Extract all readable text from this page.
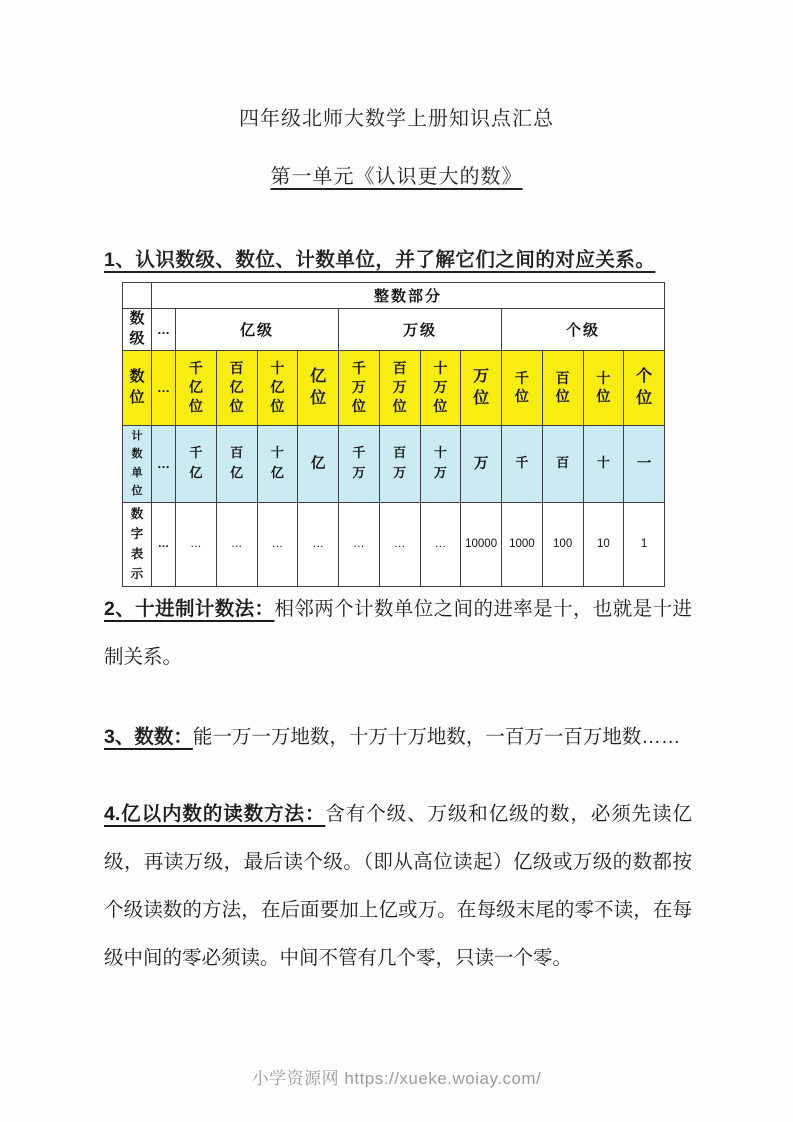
四年级北师大数学上册知识点汇总
第一单元《认识更大的数》
1、认识数级、数位、计数单位，并了解它们之间的对应关系。
	整数部分												
数级	…	亿级				万级				个级			
数位	…	千亿位	百亿位	十亿位	亿位	千万位	百万位	十万位	万位	千位	百位	十位	个位
计数单位	…	千亿	百亿	十亿	亿	千万	百万	十万	万	千	百	十	一
数字表示	…	…	…	…	…	…	…	…	10000	1000	100	10	1

2、十进制计数法：相邻两个计数单位之间的进率是十，也就是十进制关系。

3、数数：能一万一万地数，十万十万地数，一百万一百万地数……

4.亿以内数的读数方法：含有个级、万级和亿级的数，必须先读亿级，再读万级，最后读个级。（即从高位读起）亿级或万级的数都按个级读数的方法，在后面要加上亿或万。在每级末尾的零不读，在每级中间的零必须读。中间不管有几个零，只读一个零。

小学资源网 https://xueke.woiay.com/
